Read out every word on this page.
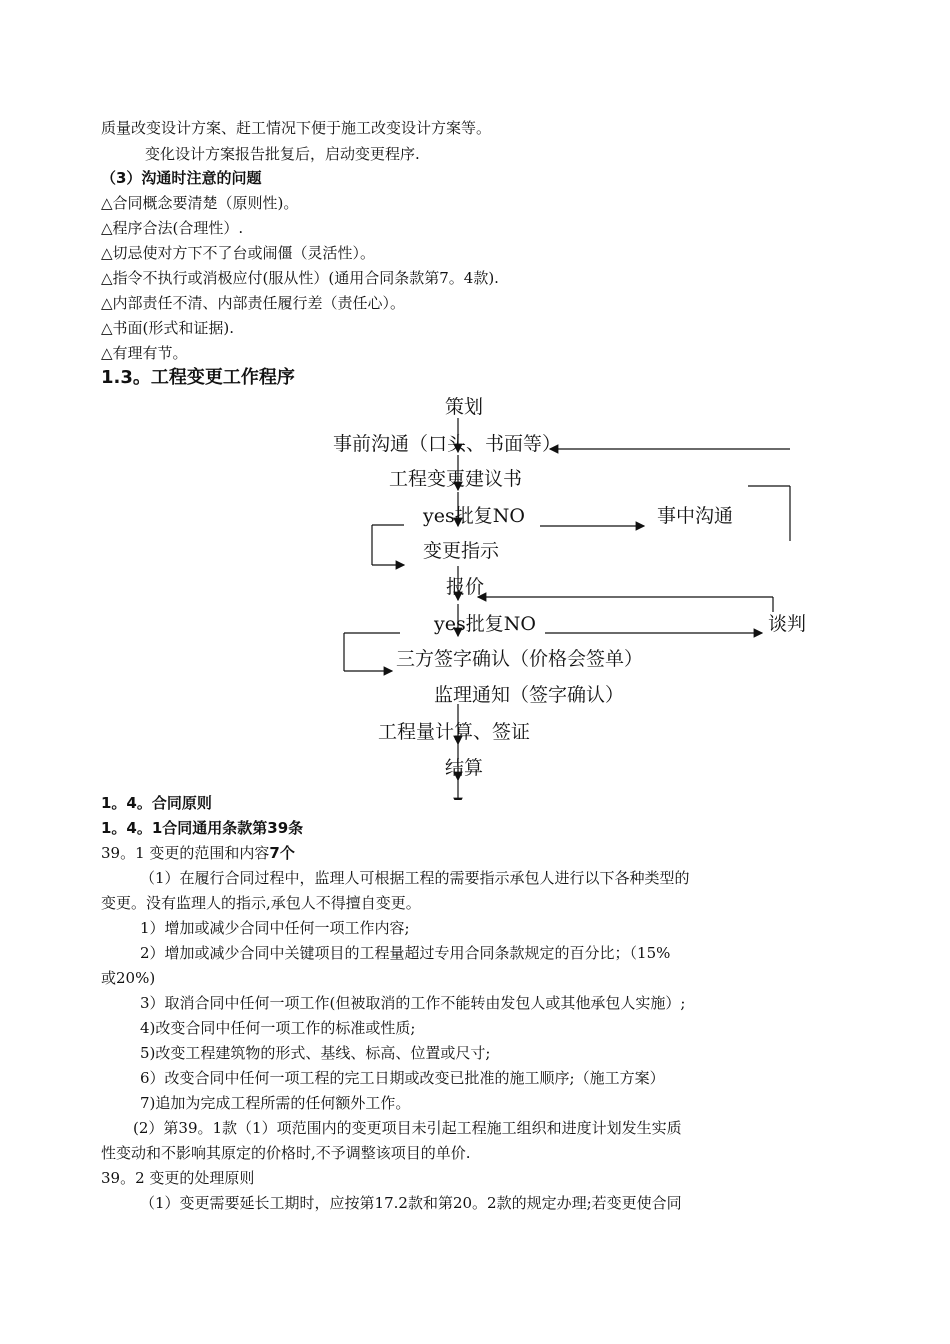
质量改变设计方案、赶工情况下便于施工改变设计方案等。
变化设计方案报告批复后，启动变更程序.
（3）沟通时注意的问题
△合同概念要清楚（原则性)。
△程序合法(合理性）.
△切忌使对方下不了台或闹僵（灵活性）。
△指令不执行或消极应付(服从性）(通用合同条款第7。4款).
△内部责任不清、内部责任履行差（责任心）。
△书面(形式和证据).
△有理有节。
1.3。工程变更工作程序
策划
事前沟通（口头、书面等）
工程变更建议书
yes批复NO	事中沟通
变更指示
报价
yes批复NO	谈判
三方签字确认（价格会签单）
监理通知（签字确认）
工程量计算、签证
结算
1。4。合同原则
1。4。1合同通用条款第39条
39。1 变更的范围和内容7个
（1）在履行合同过程中，监理人可根据工程的需要指示承包人进行以下各种类型的
变更。没有监理人的指示,承包人不得擅自变更。
1）增加或减少合同中任何一项工作内容;
2）增加或减少合同中关键项目的工程量超过专用合同条款规定的百分比；（15%
或20%)
3）取消合同中任何一项工作(但被取消的工作不能转由发包人或其他承包人实施）;
4)改变合同中任何一项工作的标准或性质;
5)改变工程建筑物的形式、基线、标高、位置或尺寸;
6）改变合同中任何一项工程的完工日期或改变已批准的施工顺序;（施工方案）
7)追加为完成工程所需的任何额外工作。
(2）第39。1款（1）项范围内的变更项目未引起工程施工组织和进度计划发生实质
性变动和不影响其原定的价格时,不予调整该项目的单价.
39。2 变更的处理原则
（1）变更需要延长工期时，应按第17.2款和第20。2款的规定办理;若变更使合同
